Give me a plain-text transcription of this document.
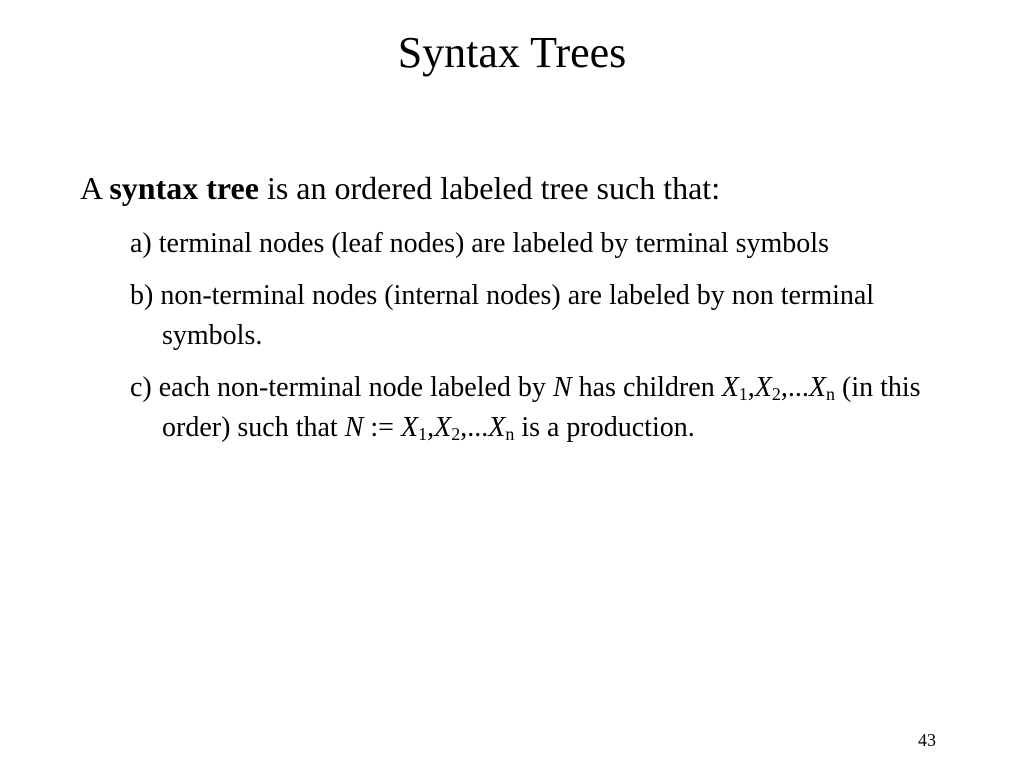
Syntax Trees
A syntax tree is an ordered labeled tree such that:
a) terminal nodes (leaf nodes) are labeled by terminal symbols
b) non-terminal nodes (internal nodes) are labeled by non terminal symbols.
c) each non-terminal node labeled by N has children $X_1,X_2,...X_n$ (in this order) such that N := $X_1,X_2,...X_n$ is a production.
43
